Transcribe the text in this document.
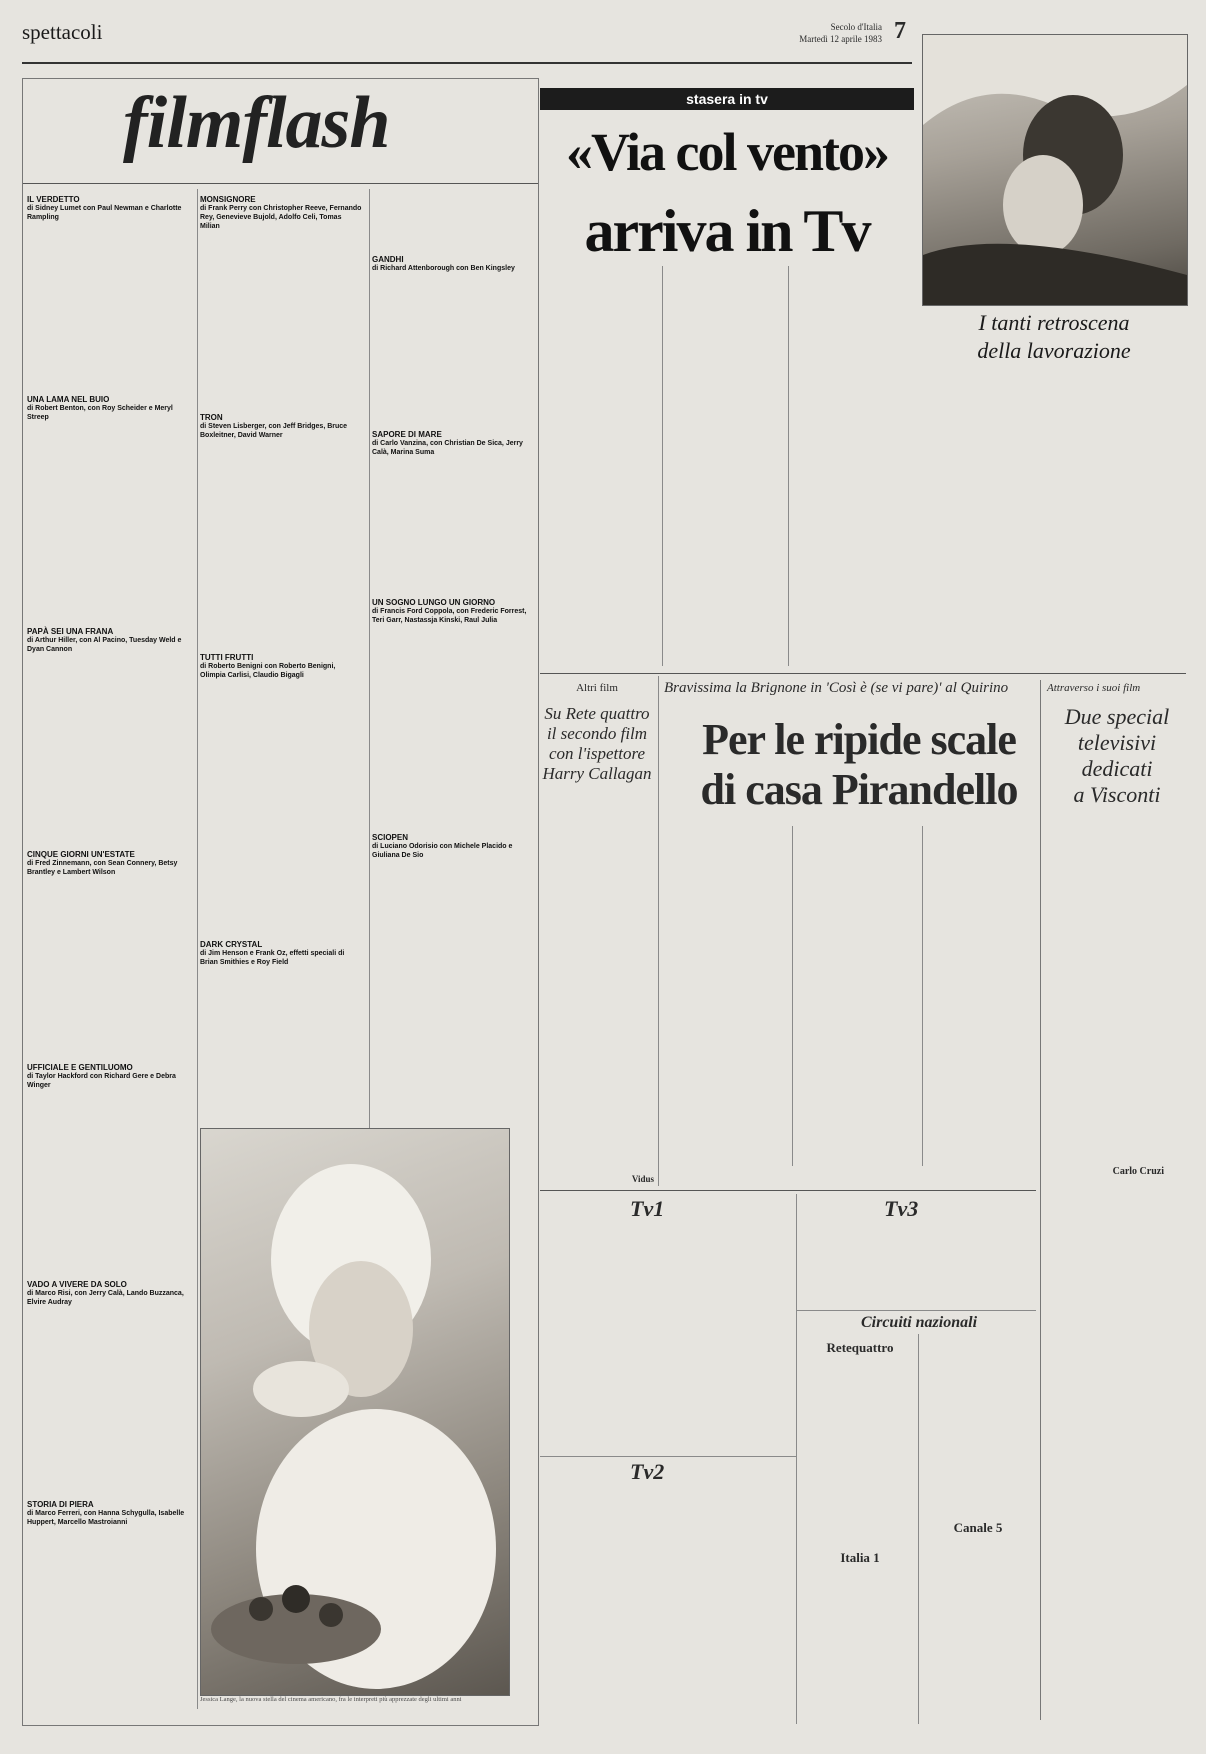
spettacoli	Secolo d'Italia
Martedì 12 aprile 1983 7
filmflash
IL VERDETTO
di Sidney Lumet con Paul Newman e Charlotte Rampling
UNA LAMA NEL BUIO
di Robert Benton, con Roy Scheider e Meryl Streep
PAPÀ SEI UNA FRANA
di Arthur Hiller, con Al Pacino, Tuesday Weld e Dyan Cannon
CINQUE GIORNI UN'ESTATE
di Fred Zinnemann, con Sean Connery, Betsy Brantley e Lambert Wilson
UFFICIALE E GENTILUOMO
di Taylor Hackford con Richard Gere e Debra Winger
VADO A VIVERE DA SOLO
di Marco Risi, con Jerry Calà, Lando Buzzanca, Elvire Audray
STORIA DI PIERA
di Marco Ferreri, con Hanna Schygulla, Isabelle Huppert, Marcello Mastroianni
MONSIGNORE
di Frank Perry con Christopher Reeve, Fernando Rey, Genevieve Bujold, Adolfo Celi, Tomas Milian
TRON
di Steven Lisberger, con Jeff Bridges, Bruce Boxleitner, David Warner
TUTTI FRUTTI
di Roberto Benigni con Roberto Benigni, Olimpia Carlisi, Claudio Bigagli
DARK CRYSTAL
di Jim Henson e Frank Oz, effetti speciali di Brian Smithies e Roy Field
GANDHI
di Richard Attenborough con Ben Kingsley
SAPORE DI MARE
di Carlo Vanzina, con Christian De Sica, Jerry Calà, Marina Suma
UN SOGNO LUNGO UN GIORNO
di Francis Ford Coppola, con Frederic Forrest, Teri Garr, Nastassja Kinski, Raul Julia
SCIOPEN
di Luciano Odorisio con Michele Placido e Giuliana De Sio
Jessica Lange, la nuova stella del cinema americano, fra le interpreti più apprezzate degli ultimi anni
stasera in tv
«Via col vento»
arriva in Tv
I tanti retroscena
della lavorazione
Altri film
Su Rete quattro il secondo film con l'ispettore Harry Callagan
Vidus
Bravissima la Brignone in 'Così è (se vi pare)' al Quirino
Per le ripide scale
di casa Pirandello
Carlo Cruzi
Attraverso i suoi film
Due special
televisivi
dedicati
a Visconti
Tv1	Tv3
Tv2
Circuiti nazionali
Retequattro
Canale 5
Italia 1
